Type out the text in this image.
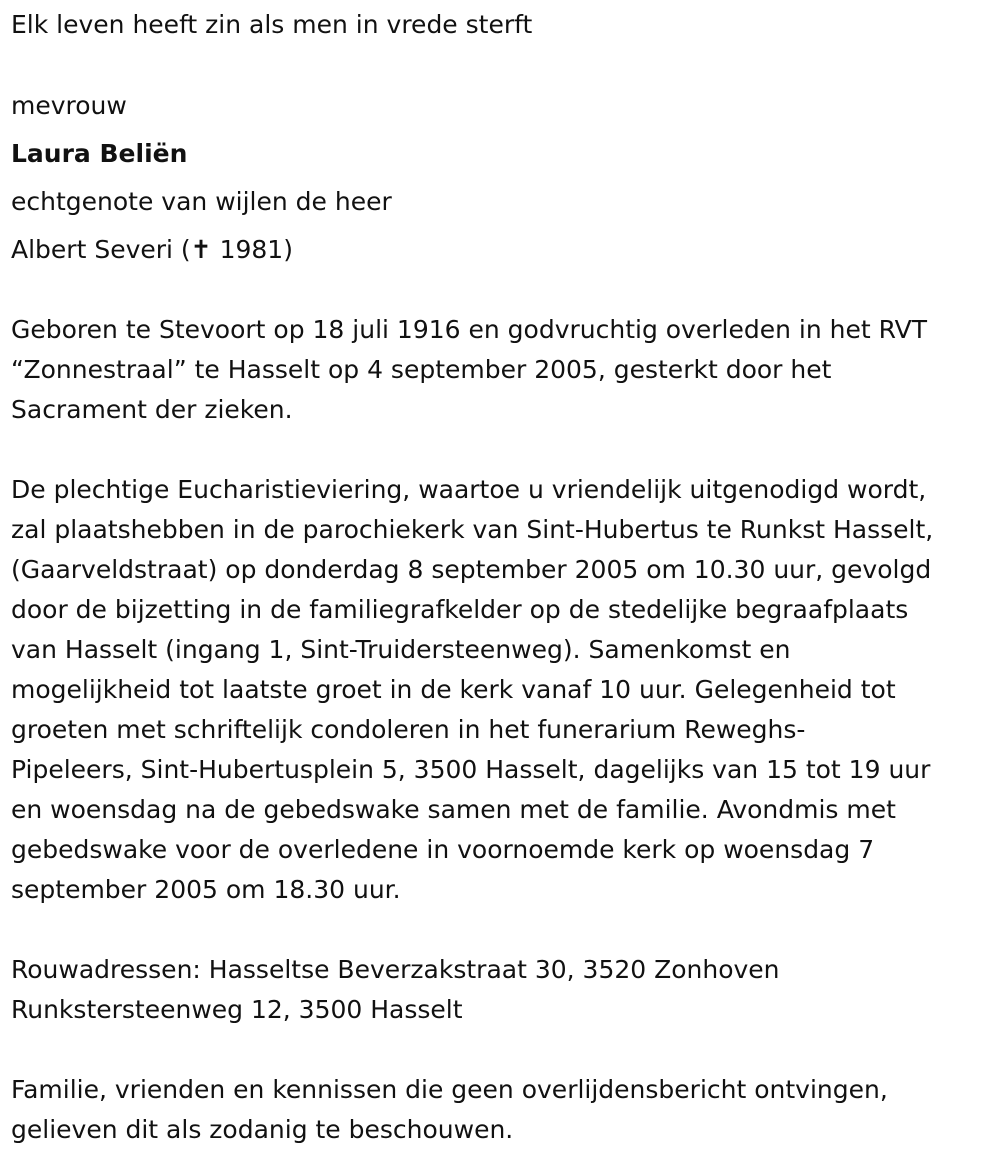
Elk leven heeft zin als men in vrede sterft
mevrouw
Laura Beliën
echtgenote van wijlen de heer
Albert Severi (✝ 1981)
Geboren te Stevoort op 18 juli 1916 en godvruchtig overleden in het RVT
“Zonnestraal” te Hasselt op 4 september 2005, gesterkt door het
Sacrament der zieken.
De plechtige Eucharistieviering, waartoe u vriendelijk uitgenodigd wordt,
zal plaatshebben in de parochiekerk van Sint-Hubertus te Runkst Hasselt,
(Gaarveldstraat) op donderdag 8 september 2005 om 10.30 uur, gevolgd
door de bijzetting in de familiegrafkelder op de stedelijke begraafplaats
van Hasselt (ingang 1, Sint-Truidersteenweg). Samenkomst en
mogelijkheid tot laatste groet in de kerk vanaf 10 uur. Gelegenheid tot
groeten met schriftelijk condoleren in het funerarium Reweghs-
Pipeleers, Sint-Hubertusplein 5, 3500 Hasselt, dagelijks van 15 tot 19 uur
en woensdag na de gebedswake samen met de familie. Avondmis met
gebedswake voor de overledene in voornoemde kerk op woensdag 7
september 2005 om 18.30 uur.
Rouwadressen: Hasseltse Beverzakstraat 30, 3520 Zonhoven
Runkstersteenweg 12, 3500 Hasselt
Familie, vrienden en kennissen die geen overlijdensbericht ontvingen,
gelieven dit als zodanig te beschouwen.
